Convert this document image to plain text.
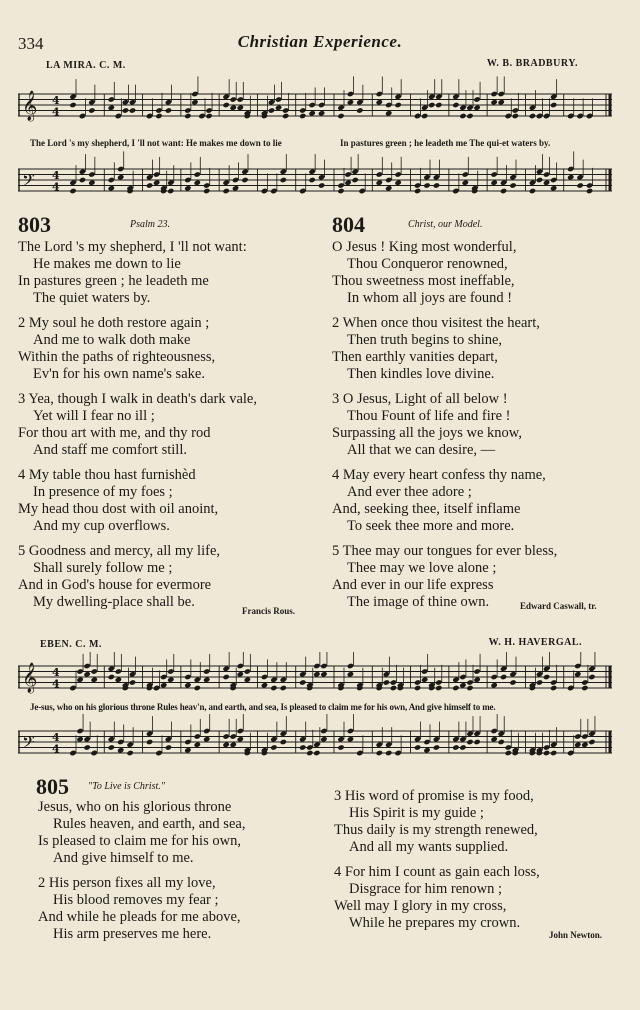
334	Christian Experience.
LA MIRA. C. M.	W. B. BRADBURY.
𝄞 4
4
The Lord 's my shepherd, I 'll not want: He makes me down to lie	In pastures green ; he leadeth me The qui-et waters by.
𝄢 4
4
803	Psalm 23.
The Lord 's my shepherd, I 'll not want:
He makes me down to lie
In pastures green ; he leadeth me
The quiet waters by.
2 My soul he doth restore again ;
And me to walk doth make
Within the paths of righteousness,
Ev'n for his own name's sake.
3 Yea, though I walk in death's dark vale,
Yet will I fear no ill ;
For thou art with me, and thy rod
And staff me comfort still.
4 My table thou hast furnishèd
In presence of my foes ;
My head thou dost with oil anoint,
And my cup overflows.
5 Goodness and mercy, all my life,
Shall surely follow me ;
And in God's house for evermore
My dwelling-place shall be.
Francis Rous.
804	Christ, our Model.
O Jesus ! King most wonderful,
Thou Conqueror renowned,
Thou sweetness most ineffable,
In whom all joys are found !
2 When once thou visitest the heart,
Then truth begins to shine,
Then earthly vanities depart,
Then kindles love divine.
3 O Jesus, Light of all below !
Thou Fount of life and fire !
Surpassing all the joys we know,
All that we can desire, —
4 May every heart confess thy name,
And ever thee adore ;
And, seeking thee, itself inflame
To seek thee more and more.
5 Thee may our tongues for ever bless,
Thee may we love alone ;
And ever in our life express
The image of thine own.	Edward Caswall, tr.
EBEN. C. M.	W. H. HAVERGAL.
𝄞 4
4
Je-sus, who on his glorious throne Rules heav'n, and earth, and sea, Is pleased to claim me for his own, And give himself to me.
𝄢 4
4
805 "To Live is Christ."
Jesus, who on his glorious throne
Rules heaven, and earth, and sea,
Is pleased to claim me for his own,
And give himself to me.
2 His person fixes all my love,
His blood removes my fear ;
And while he pleads for me above,
His arm preserves me here.
3 His word of promise is my food,
His Spirit is my guide ;
Thus daily is my strength renewed,
And all my wants supplied.
4 For him I count as gain each loss,
Disgrace for him renown ;
Well may I glory in my cross,
While he prepares my crown.
John Newton.
